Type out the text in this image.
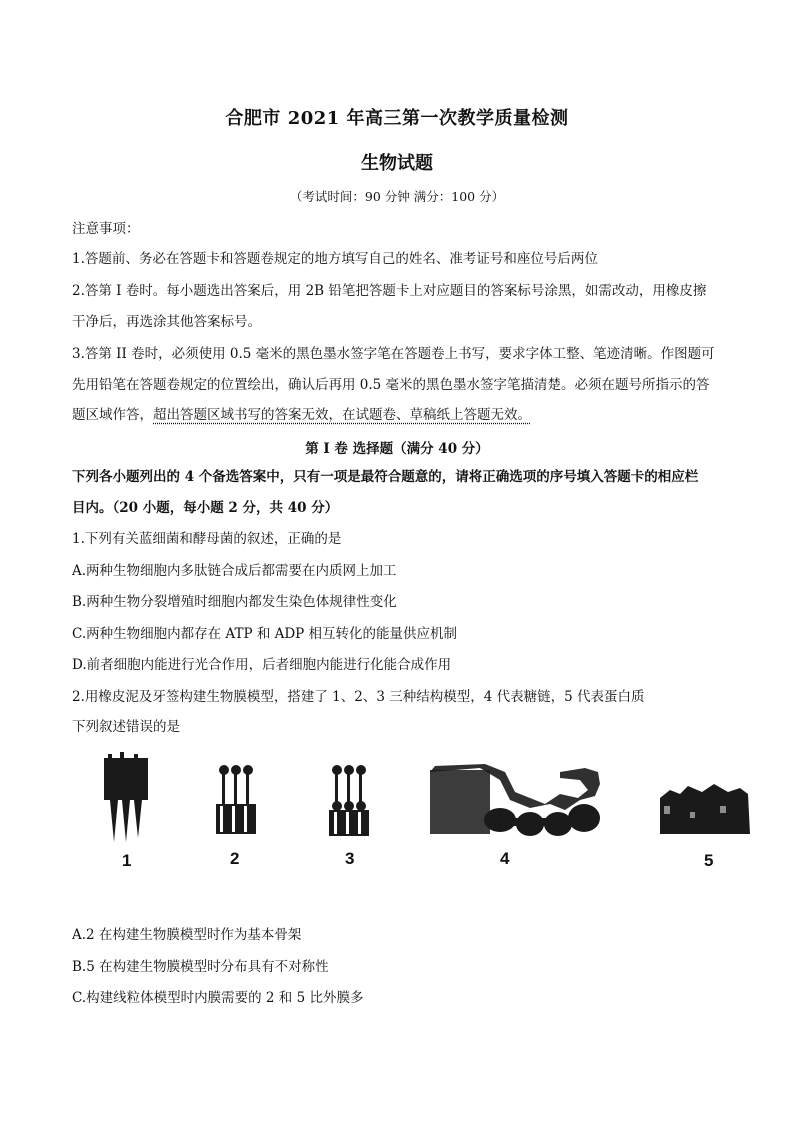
合肥市 2021 年高三第一次教学质量检测
生物试题
（考试时间：90 分钟 满分：100 分）
注意事项：
1.答题前、务必在答题卡和答题卷规定的地方填写自己的姓名、准考证号和座位号后两位
2.答第 I 卷时。每小题选出答案后，用 2B 铅笔把答题卡上对应题目的答案标号涂黑，如需改动，用橡皮擦
干净后，再选涂其他答案标号。
3.答第 II 卷时，必须使用 0.5 毫米的黑色墨水签字笔在答题卷上书写，要求字体工整、笔迹清晰。作图题可
先用铅笔在答题卷规定的位置绘出，确认后再用 0.5 毫米的黑色墨水签字笔描清楚。必须在题号所指示的答
题区域作答，超出答题区域书写的答案无效，在试题卷、草稿纸上答题无效。
第 I 卷 选择题（满分 40 分）
下列各小题列出的 4 个备选答案中，只有一项是最符合题意的，请将正确选项的序号填入答题卡的相应栏
目内。（20 小题，每小题 2 分，共 40 分）
1.下列有关蓝细菌和酵母菌的叙述，正确的是
A.两种生物细胞内多肽链合成后都需要在内质网上加工
B.两种生物分裂增殖时细胞内都发生染色体规律性变化
C.两种生物细胞内都存在 ATP 和 ADP 相互转化的能量供应机制
D.前者细胞内能进行光合作用，后者细胞内能进行化能合成作用
2.用橡皮泥及牙签构建生物膜模型，搭建了 1、2、3 三种结构模型，4 代表糖链，5 代表蛋白质
下列叙述错误的是
1	2	3	4	5
A.2 在构建生物膜模型时作为基本骨架
B.5 在构建生物膜模型时分布具有不对称性
C.构建线粒体模型时内膜需要的 2 和 5 比外膜多
